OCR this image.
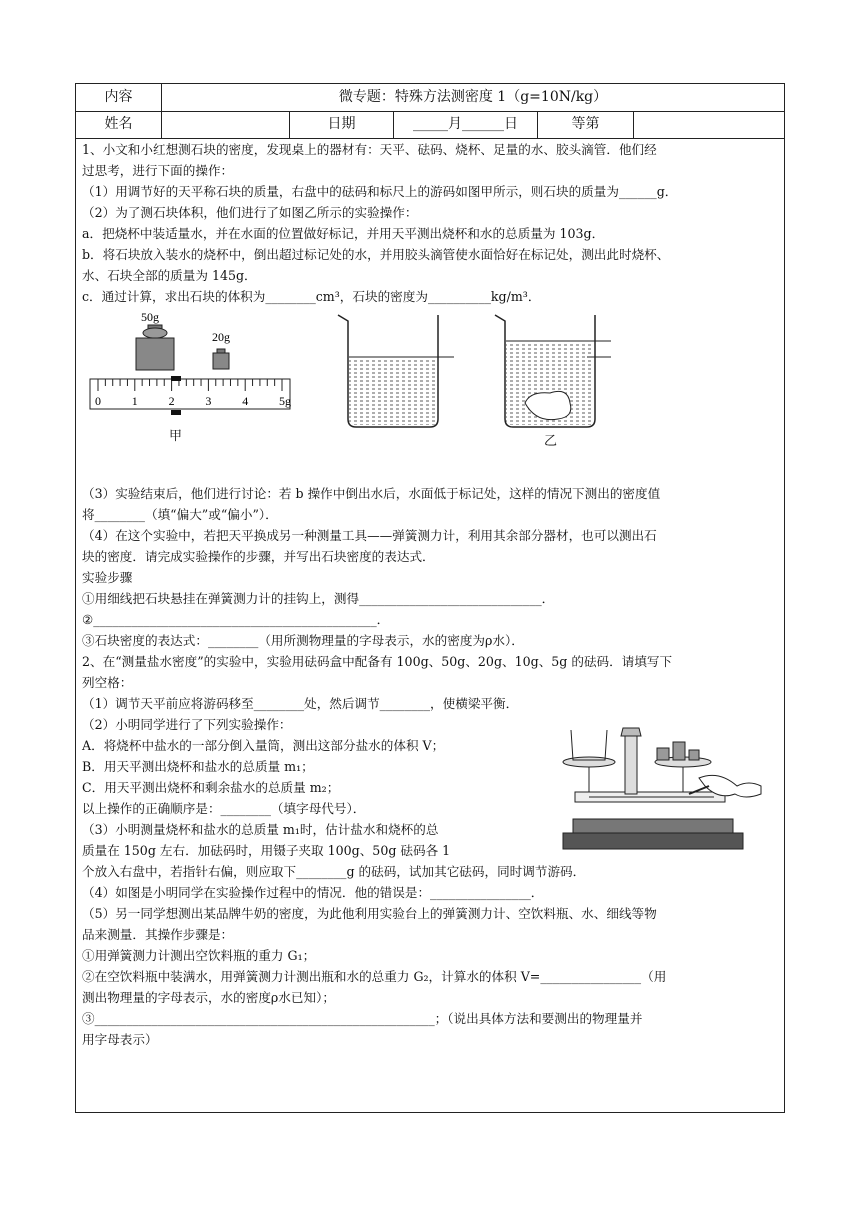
内容	微专题：特殊方法测密度 1（g=10N/kg）
姓名	日期	_____月______日	等第

1、小文和小红想测石块的密度，发现桌上的器材有：天平、砝码、烧杯、足量的水、胶头滴管．他们经

过思考，进行下面的操作：

（1）用调节好的天平称石块的质量，右盘中的砝码和标尺上的游码如图甲所示，则石块的质量为______g．

（2）为了测石块体积，他们进行了如图乙所示的实验操作：

a．把烧杯中装适量水，并在水面的位置做好标记，并用天平测出烧杯和水的总质量为 103g．

b．将石块放入装水的烧杯中，倒出超过标记处的水，并用胶头滴管使水面恰好在标记处，测出此时烧杯、

水、石块全部的质量为 145g．

c．通过计算，求出石块的体积为________cm³，石块的密度为__________kg/m³．

50g
20g
0	1	2	3	4	5g
甲	乙

（3）实验结束后，他们进行讨论：若 b 操作中倒出水后，水面低于标记处，这样的情况下测出的密度值

将________（填“偏大”或“偏小”）．

（4）在这个实验中，若把天平换成另一种测量工具——弹簧测力计，利用其余部分器材，也可以测出石

块的密度．请完成实验操作的步骤，并写出石块密度的表达式．

实验步骤

①用细线把石块悬挂在弹簧测力计的挂钩上，测得_____________________________．

②_____________________________________________．

③石块密度的表达式：________（用所测物理量的字母表示，水的密度为ρ水）．

2、在“测量盐水密度”的实验中，实验用砝码盒中配备有 100g、50g、20g、10g、5g 的砝码．请填写下

列空格：

（1）调节天平前应将游码移至________处，然后调节________，使横梁平衡．

（2）小明同学进行了下列实验操作：

A．将烧杯中盐水的一部分倒入量筒，测出这部分盐水的体积 V；

B．用天平测出烧杯和盐水的总质量 m₁；

C．用天平测出烧杯和剩余盐水的总质量 m₂；

以上操作的正确顺序是：________（填字母代号）．

（3）小明测量烧杯和盐水的总质量 m₁时，估计盐水和烧杯的总

质量在 150g 左右．加砝码时，用镊子夹取 100g、50g 砝码各 1

个放入右盘中，若指针右偏，则应取下________g 的砝码，试加其它砝码，同时调节游码．

（4）如图是小明同学在实验操作过程中的情况．他的错误是：________________．

（5）另一同学想测出某品牌牛奶的密度，为此他利用实验台上的弹簧测力计、空饮料瓶、水、细线等物

品来测量．其操作步骤是：

①用弹簧测力计测出空饮料瓶的重力 G₁；

②在空饮料瓶中装满水，用弹簧测力计测出瓶和水的总重力 G₂，计算水的体积 V=________________（用

测出物理量的字母表示，水的密度ρ水已知）；

③______________________________________________________；（说出具体方法和要测出的物理量并

用字母表示）
